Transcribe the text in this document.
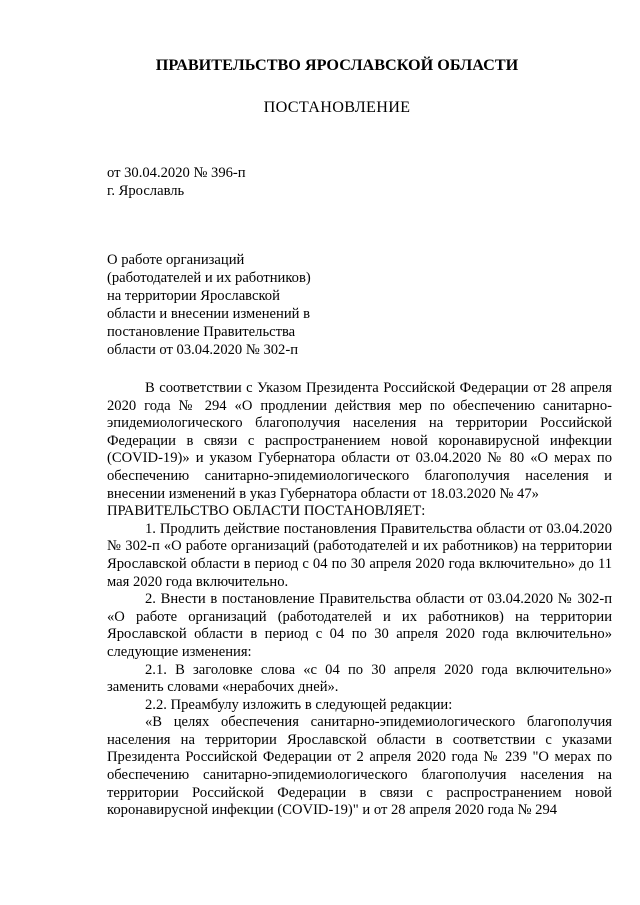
ПРАВИТЕЛЬСТВО ЯРОСЛАВСКОЙ ОБЛАСТИ
ПОСТАНОВЛЕНИЕ
от 30.04.2020 № 396-п
г. Ярославль
О работе организаций
(работодателей и их работников)
на территории Ярославской
области и внесении изменений в
постановление Правительства
области от 03.04.2020 № 302-п

В соответствии с Указом Президента Российской Федерации от 28 апреля 2020 года № 294 «О продлении действия мер по обеспечению санитарно-эпидемиологического благополучия населения на территории Российской Федерации в связи с распространением новой коронавирусной инфекции (COVID-19)» и указом Губернатора области от 03.04.2020 № 80 «О мерах по обеспечению санитарно-эпидемиологического благополучия населения и внесении изменений в указ Губернатора области от 18.03.2020 № 47»

ПРАВИТЕЛЬСТВО ОБЛАСТИ ПОСТАНОВЛЯЕТ:

1. Продлить действие постановления Правительства области от 03.04.2020 № 302-п «О работе организаций (работодателей и их работников) на территории Ярославской области в период с 04 по 30 апреля 2020 года включительно» до 11 мая 2020 года включительно.

2. Внести в постановление Правительства области от 03.04.2020 № 302-п «О работе организаций (работодателей и их работников) на территории Ярославской области в период с 04 по 30 апреля 2020 года включительно» следующие изменения:

2.1. В заголовке слова «с 04 по 30 апреля 2020 года включительно» заменить словами «нерабочих дней».

2.2. Преамбулу изложить в следующей редакции:

«В целях обеспечения санитарно-эпидемиологического благополучия населения на территории Ярославской области в соответствии с указами Президента Российской Федерации от 2 апреля 2020 года № 239 "О мерах по обеспечению санитарно-эпидемиологического благополучия населения на территории Российской Федерации в связи с распространением новой коронавирусной инфекции (COVID-19)" и от 28 апреля 2020 года № 294
